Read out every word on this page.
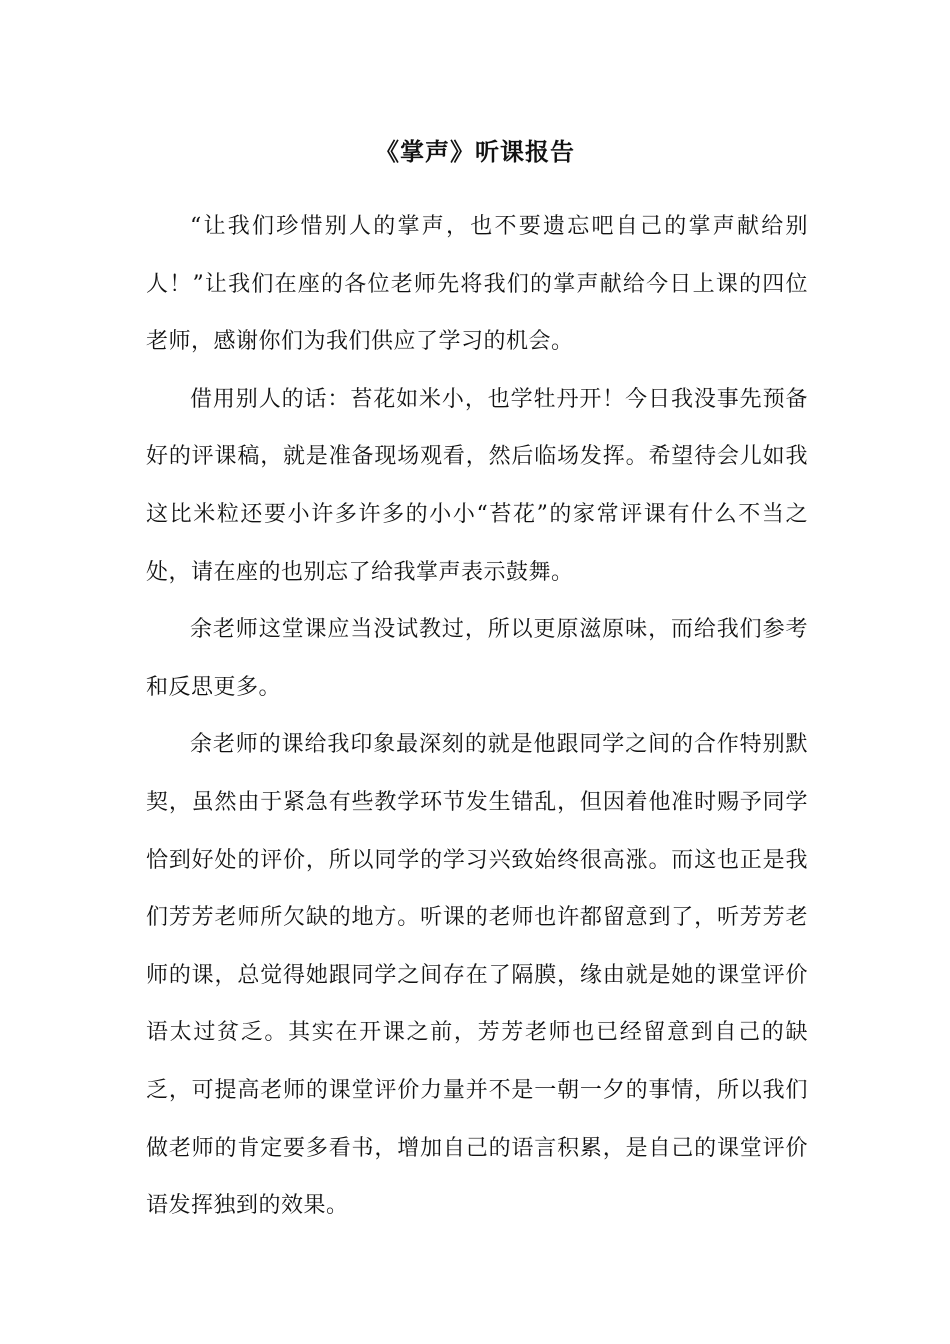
《掌声》听课报告

“让我们珍惜别人的掌声，也不要遗忘吧自己的掌声献给别人！”让我们在座的各位老师先将我们的掌声献给今日上课的四位老师，感谢你们为我们供应了学习的机会。

借用别人的话：苔花如米小，也学牡丹开！今日我没事先预备好的评课稿，就是准备现场观看，然后临场发挥。希望待会儿如我这比米粒还要小许多许多的小小“苔花”的家常评课有什么不当之处，请在座的也别忘了给我掌声表示鼓舞。

余老师这堂课应当没试教过，所以更原滋原味，而给我们参考和反思更多。

余老师的课给我印象最深刻的就是他跟同学之间的合作特别默契，虽然由于紧急有些教学环节发生错乱，但因着他准时赐予同学恰到好处的评价，所以同学的学习兴致始终很高涨。而这也正是我们芳芳老师所欠缺的地方。听课的老师也许都留意到了，听芳芳老师的课，总觉得她跟同学之间存在了隔膜，缘由就是她的课堂评价语太过贫乏。其实在开课之前，芳芳老师也已经留意到自己的缺乏，可提高老师的课堂评价力量并不是一朝一夕的事情，所以我们做老师的肯定要多看书，增加自己的语言积累，是自己的课堂评价语发挥独到的效果。
